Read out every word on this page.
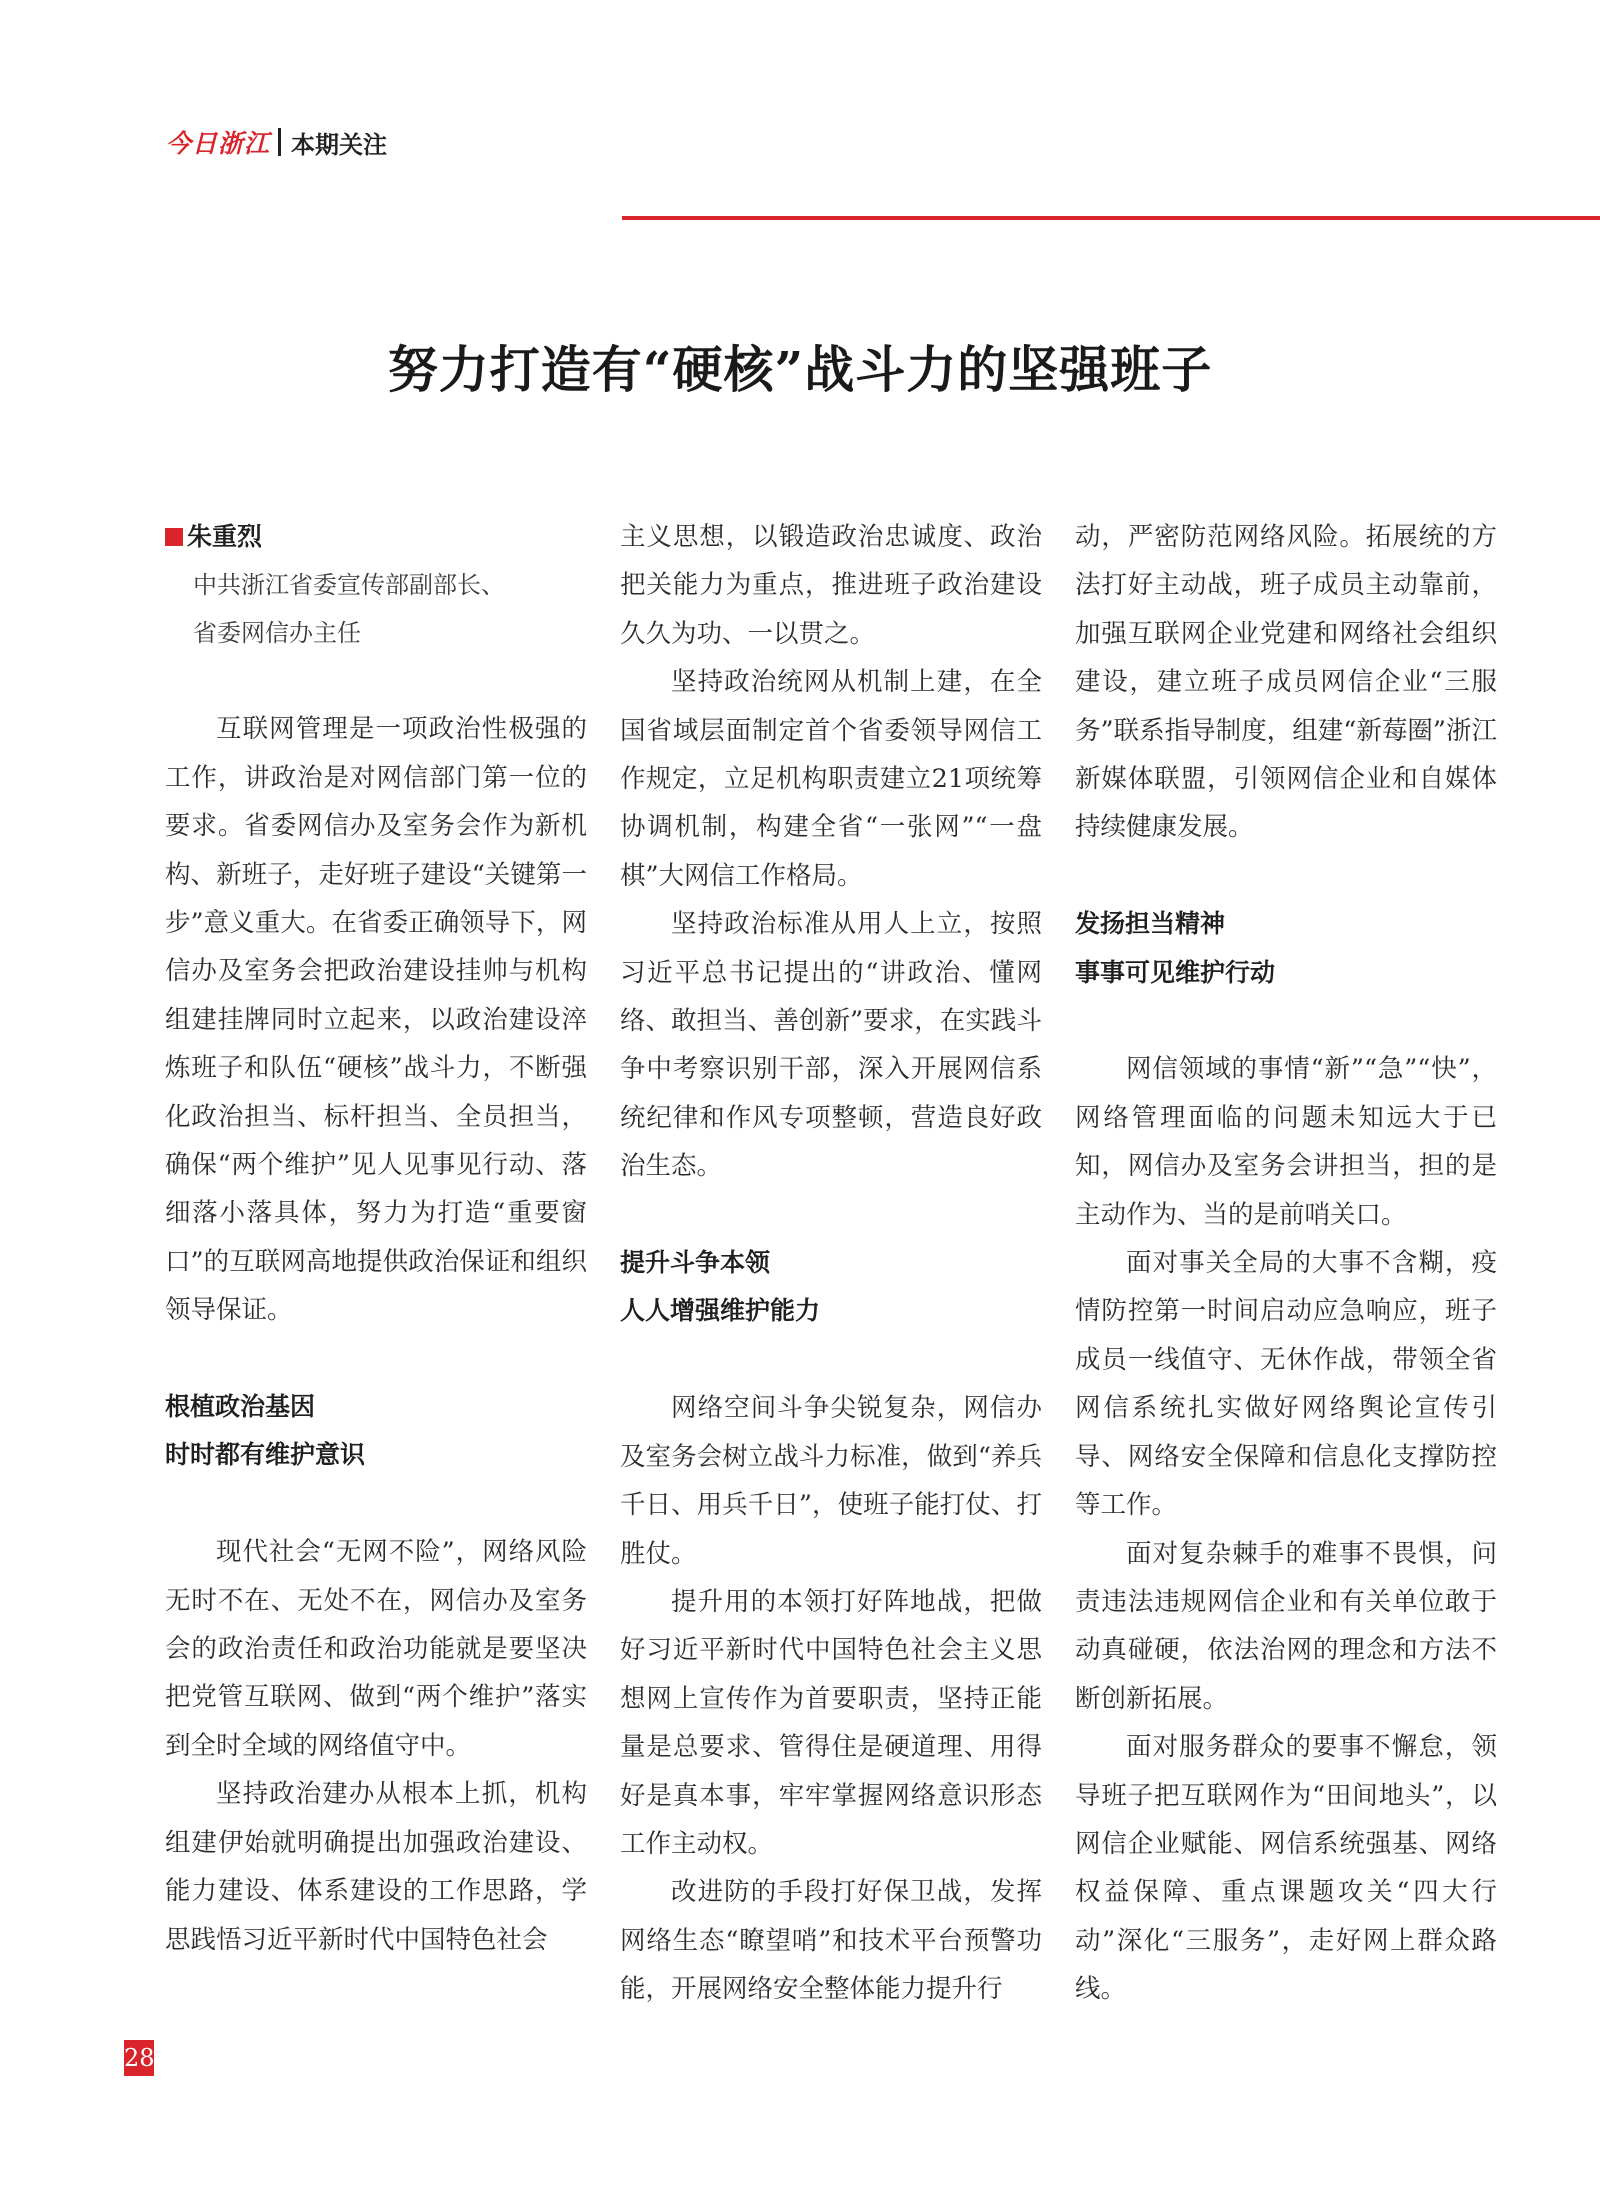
今日浙江 本期关注
努力打造有“硬核”战斗力的坚强班子

朱重烈

中共浙江省委宣传部副部长、

省委网信办主任

互联网管理是一项政治性极强的工作，讲政治是对网信部门第一位的要求。省委网信办及室务会作为新机构、新班子，走好班子建设“关键第一步”意义重大。在省委正确领导下，网信办及室务会把政治建设挂帅与机构组建挂牌同时立起来，以政治建设淬炼班子和队伍“硬核”战斗力，不断强化政治担当、标杆担当、全员担当，确保“两个维护”见人见事见行动、落细落小落具体，努力为打造“重要窗口”的互联网高地提供政治保证和组织领导保证。

根植政治基因

时时都有维护意识

现代社会“无网不险”，网络风险无时不在、无处不在，网信办及室务会的政治责任和政治功能就是要坚决把党管互联网、做到“两个维护”落实到全时全域的网络值守中。

坚持政治建办从根本上抓，机构组建伊始就明确提出加强政治建设、能力建设、体系建设的工作思路，学思践悟习近平新时代中国特色社会

主义思想，以锻造政治忠诚度、政治把关能力为重点，推进班子政治建设久久为功、一以贯之。

坚持政治统网从机制上建，在全国省域层面制定首个省委领导网信工作规定，立足机构职责建立21项统筹协调机制，构建全省“一张网”“一盘棋”大网信工作格局。

坚持政治标准从用人上立，按照习近平总书记提出的“讲政治、懂网络、敢担当、善创新”要求，在实践斗争中考察识别干部，深入开展网信系统纪律和作风专项整顿，营造良好政治生态。

提升斗争本领

人人增强维护能力

网络空间斗争尖锐复杂，网信办及室务会树立战斗力标准，做到“养兵千日、用兵千日”，使班子能打仗、打胜仗。

提升用的本领打好阵地战，把做好习近平新时代中国特色社会主义思想网上宣传作为首要职责，坚持正能量是总要求、管得住是硬道理、用得好是真本事，牢牢掌握网络意识形态工作主动权。

改进防的手段打好保卫战，发挥网络生态“瞭望哨”和技术平台预警功能，开展网络安全整体能力提升行

动，严密防范网络风险。拓展统的方法打好主动战，班子成员主动靠前，加强互联网企业党建和网络社会组织建设，建立班子成员网信企业“三服务”联系指导制度，组建“新莓圈”浙江新媒体联盟，引领网信企业和自媒体持续健康发展。

发扬担当精神

事事可见维护行动

网信领域的事情“新”“急”“快”，网络管理面临的问题未知远大于已知，网信办及室务会讲担当，担的是主动作为、当的是前哨关口。

面对事关全局的大事不含糊，疫情防控第一时间启动应急响应，班子成员一线值守、无休作战，带领全省网信系统扎实做好网络舆论宣传引导、网络安全保障和信息化支撑防控等工作。

面对复杂棘手的难事不畏惧，问责违法违规网信企业和有关单位敢于动真碰硬，依法治网的理念和方法不断创新拓展。

面对服务群众的要事不懈怠，领导班子把互联网作为“田间地头”，以网信企业赋能、网信系统强基、网络权益保障、重点课题攻关“四大行动”深化“三服务”，走好网上群众路线。

28
